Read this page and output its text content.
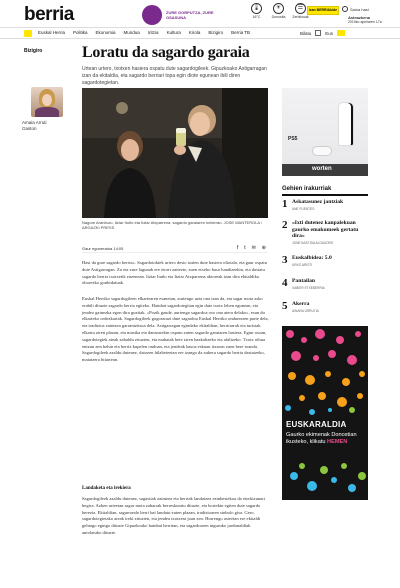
berria	ZURE GORPUTZA, ZURE OSASUNA
🌡
16°C
☀
Donostia
☰
Zerbitzuak
Izan BERRIAkide	Saioa hasi
Asteazkena
2019ko apirilaren 17a
Euskal Herria Politika Ekonomia Mundua Iritzia Kultura Kirola Bizigiro Berria TB	Bilatu	Eus
Bizigiro
Amaia Arruti Gaston
Loratu da sagardo garaia

Urtean urtero, txotxen hasiera ospatu dute sagardogileek. Gipuzkoako Astigarragan izan da ekitaldia, eta sagardo berriari topa egin diote egunean ibili diren sagardotegietan.

Nagore Aranburu, Itziar Ituño eta Itziar Atxparrena, sagardo garaiaren irekieran. JOSE MANTEROLA / ARGAZKI PRESS

Gaur eguneratua 14:05	f t ✉ ⊕

Hasi da gure sagardo berria». Sagardotokiek urtero desio izaten dute hasiera ofiziala, eta gaur ospatu dute Astigarragan. Zu eta zure lagunak ere etorri zaitezte, zuen etxeko baso handiarekin, eta dastatu sagardo berria txotxetik zuzenean. Itziar Ituño eta Itziar Atxparrena aktoreak izan dira ekitaldiko ohorezko gonbidatuak.

Euskal Herriko sagardogileen elkartearen esanetan, aurtengo uzta ona izan da, eta sagar mota asko erabili dituzte sagardo berria egiteko. Hainbat sagardotegitan egin dute txotx lehen egunean, eta jendez gainezka egon dira guztiak. «Pozik gaude, aurtengo sagardoa oso ona atera delako», esan du elkarteko ordezkariak. Sagardogileek gogorarazi dute sagardoa Euskal Herriko ondarearen parte dela, eta tradizioa zaintzea garrantzitsua dela. Astigarragan egindako ekitaldian, herritarrak eta turistak elkartu ziren plazan, eta musika eta dantzarekin ospatu zuten sagardo garaiaren hasiera. Egun osoan, sagardotegiek ateak zabaldu zituzten, eta mahaiak bete ziren bazkaltzeko eta afaltzeko. Txotx oihua entzun zen behin eta berriz kupelen ondoan, eta jendeak basoa eskuan itxaron zuen bere txanda. Sagardogileek azaldu dutenez, datozen hilabeteetan ere izango da aukera sagardo berria dastatzeko, maiatzera bitartean.

Landaketa eta irekiera

Sagardogileek azaldu dutenez, sagastiak zaintzea eta berriak landatzea ezinbestekoa da etorkizunari begira. Azken urteetan sagar mota zaharrak berreskuratu dituzte, eta horiekin egiten dute sagardo berezia. Ekitaldian, sagarrondo berri bat landatu zuten plazan, tradizioaren sinbolo gisa. Gero, sagardotegietako ateak ireki zituzten, eta jendea txotxera joan zen. Hurrengo asteetan ere ekitaldi gehiago egingo dituzte Gipuzkoako hainbat herritan, eta sagardoaren inguruko jardunaldiak antolatuko dituzte.

PS5
worten
Gehien irakurriak
1 Askatasunez jantziak
ANE FUENTES
2 «Ixti dutenez kanpalekuan gaurko emakumeek gertatu dira»
JONE BASTIDA ALDASORO
3 Euskalbidea: 5.0
URKO ARISTI
4 Pantailan
XABIER ETXEBERRIA
5 Akerra
AINARA URRUTIA
EUSKARALDIA
Gaurko ekimenak Donostian ikusteko, klikatu HEMEN
